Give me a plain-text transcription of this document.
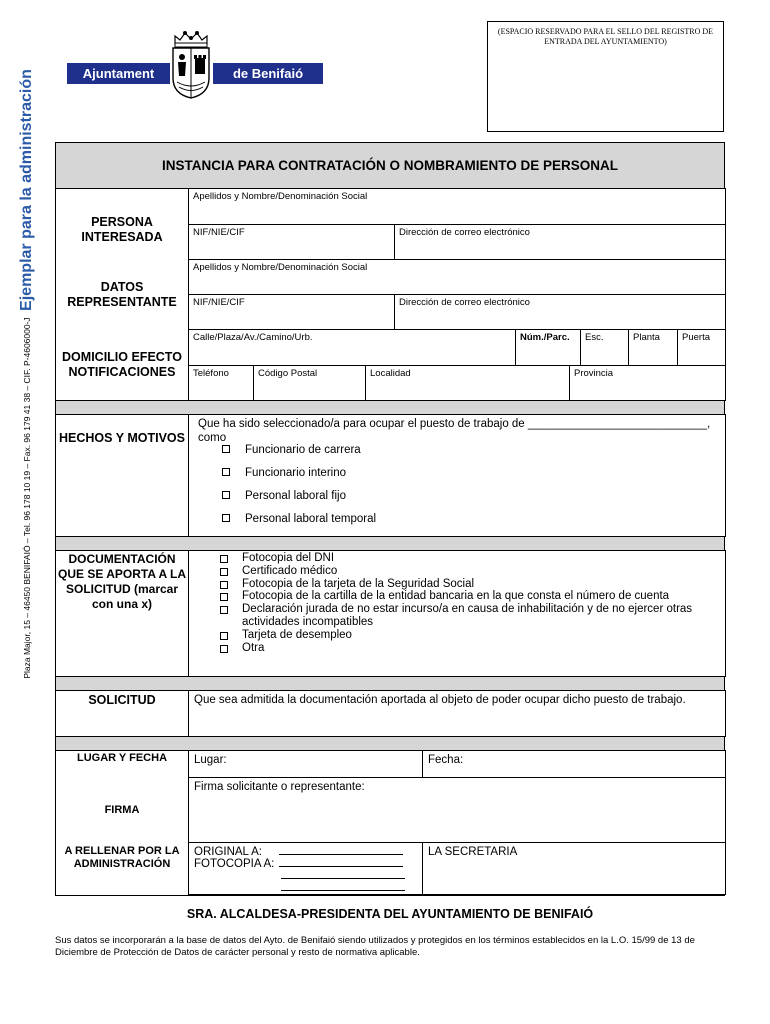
Ejemplar para la administración
Plaza Major, 15 – 46450 BENIFAIÓ – Tel. 96 178 10 19 – Fax. 96 179 41 38 – CIF. P-4606000-J
Ajuntament	de Benifaió
(ESPACIO RESERVADO PARA EL SELLO DEL REGISTRO DE ENTRADA DEL AYUNTAMIENTO)
INSTANCIA PARA CONTRATACIÓN O NOMBRAMIENTO DE PERSONAL
PERSONA INTERESADA
Apellidos y Nombre/Denominación Social
NIF/NIE/CIF	Dirección de correo electrónico
DATOS REPRESENTANTE
Apellidos y Nombre/Denominación Social
NIF/NIE/CIF	Dirección de correo electrónico
DOMICILIO EFECTO NOTIFICACIONES
Calle/Plaza/Av./Camino/Urb.	Núm./Parc.	Esc.	Planta	Puerta
Teléfono	Código Postal	Localidad	Provincia
HECHOS Y MOTIVOS
Que ha sido seleccionado/a para ocupar el puesto de trabajo de ____________________________,
como
Funcionario de carrera
Funcionario interino
Personal laboral fijo
Personal laboral temporal
DOCUMENTACIÓN QUE SE APORTA A LA SOLICITUD (marcar con una x)
Fotocopia del DNI
Certificado médico
Fotocopia de la tarjeta de la Seguridad Social
Fotocopia de la cartilla de la entidad bancaria en la que consta el número de cuenta
Declaración jurada de no estar incurso/a en causa de inhabilitación y de no ejercer otras actividades incompatibles
Tarjeta de desempleo
Otra
SOLICITUD	Que sea admitida la documentación aportada al objeto de poder ocupar dicho puesto de trabajo.
LUGAR Y FECHA	Lugar:	Fecha:
FIRMA
Firma solicitante o representante:
A RELLENAR POR LA ADMINISTRACIÓN
ORIGINAL A:
FOTOCOPIA A:
LA SECRETARIA
SRA. ALCALDESA-PRESIDENTA DEL AYUNTAMIENTO DE BENIFAIÓ
Sus datos se incorporarán a la base de datos del Ayto. de Benifaió siendo utilizados y protegidos en los términos establecidos en la L.O. 15/99 de 13 de Diciembre de Protección de Datos de carácter personal y resto de normativa aplicable.
